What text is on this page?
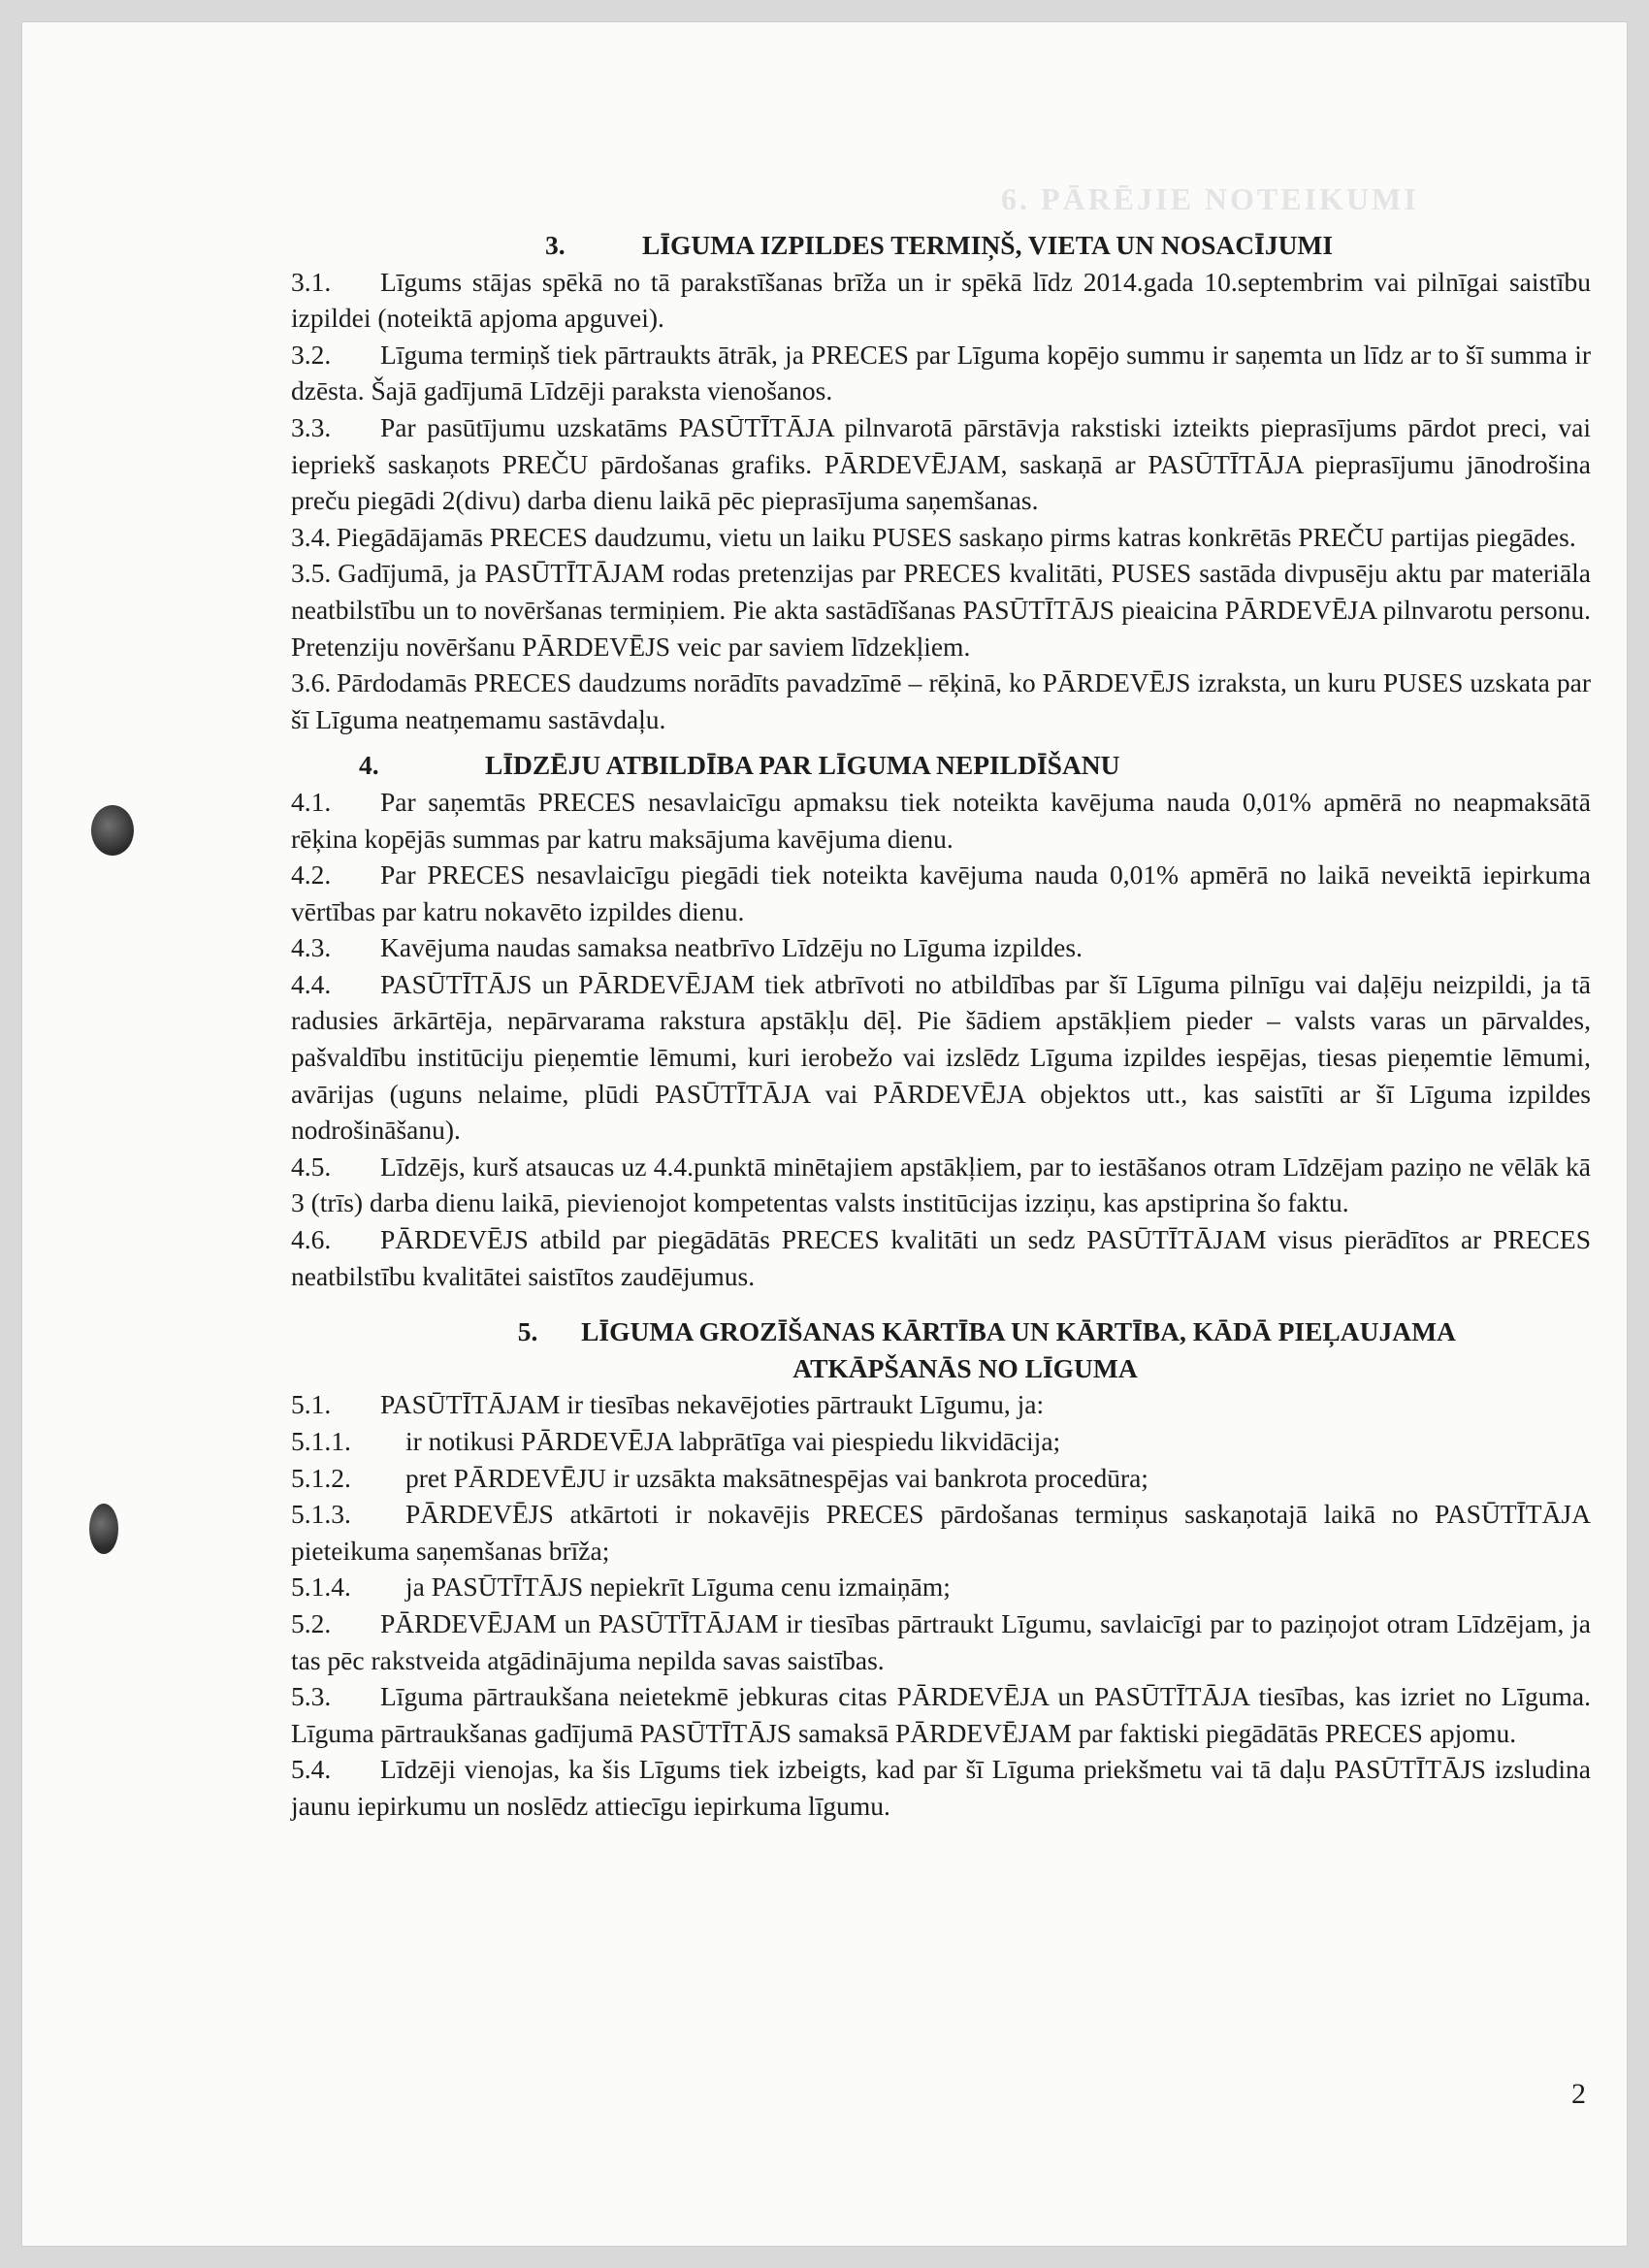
6. PĀRĒJIE NOTEIKUMI
3.	LĪGUMA IZPILDES TERMIŅŠ, VIETA UN NOSACĪJUMI

3.1. Līgums stājas spēkā no tā parakstīšanas brīža un ir spēkā līdz 2014.gada 10.septembrim vai pilnīgai saistību izpildei (noteiktā apjoma apguvei).

3.2. Līguma termiņš tiek pārtraukts ātrāk, ja PRECES par Līguma kopējo summu ir saņemta un līdz ar to šī summa ir dzēsta. Šajā gadījumā Līdzēji paraksta vienošanos.

3.3. Par pasūtījumu uzskatāms PASŪTĪTĀJA pilnvarotā pārstāvja rakstiski izteikts pieprasījums pārdot preci, vai iepriekš saskaņots PREČU pārdošanas grafiks. PĀRDEVĒJAM, saskaņā ar PASŪTĪTĀJA pieprasījumu jānodrošina preču piegādi 2(divu) darba dienu laikā pēc pieprasījuma saņemšanas.

3.4. Piegādājamās PRECES daudzumu, vietu un laiku PUSES saskaņo pirms katras konkrētās PREČU partijas piegādes.

3.5. Gadījumā, ja PASŪTĪTĀJAM rodas pretenzijas par PRECES kvalitāti, PUSES sastāda divpusēju aktu par materiāla neatbilstību un to novēršanas termiņiem. Pie akta sastādīšanas PASŪTĪTĀJS pieaicina PĀRDEVĒJA pilnvarotu personu. Pretenziju novēršanu PĀRDEVĒJS veic par saviem līdzekļiem.

3.6. Pārdodamās PRECES daudzums norādīts pavadzīmē – rēķinā, ko PĀRDEVĒJS izraksta, un kuru PUSES uzskata par šī Līguma neatņemamu sastāvdaļu.

4.	LĪDZĒJU ATBILDĪBA PAR LĪGUMA NEPILDĪŠANU

4.1. Par saņemtās PRECES nesavlaicīgu apmaksu tiek noteikta kavējuma nauda 0,01% apmērā no neapmaksātā rēķina kopējās summas par katru maksājuma kavējuma dienu.

4.2. Par PRECES nesavlaicīgu piegādi tiek noteikta kavējuma nauda 0,01% apmērā no laikā neveiktā iepirkuma vērtības par katru nokavēto izpildes dienu.

4.3. Kavējuma naudas samaksa neatbrīvo Līdzēju no Līguma izpildes.

4.4. PASŪTĪTĀJS un PĀRDEVĒJAM tiek atbrīvoti no atbildības par šī Līguma pilnīgu vai daļēju neizpildi, ja tā radusies ārkārtēja, nepārvarama rakstura apstākļu dēļ. Pie šādiem apstākļiem pieder – valsts varas un pārvaldes, pašvaldību institūciju pieņemtie lēmumi, kuri ierobežo vai izslēdz Līguma izpildes iespējas, tiesas pieņemtie lēmumi, avārijas (uguns nelaime, plūdi PASŪTĪTĀJA vai PĀRDEVĒJA objektos utt., kas saistīti ar šī Līguma izpildes nodrošināšanu).

4.5. Līdzējs, kurš atsaucas uz 4.4.punktā minētajiem apstākļiem, par to iestāšanos otram Līdzējam paziņo ne vēlāk kā 3 (trīs) darba dienu laikā, pievienojot kompetentas valsts institūcijas izziņu, kas apstiprina šo faktu.

4.6. PĀRDEVĒJS atbild par piegādātās PRECES kvalitāti un sedz PASŪTĪTĀJAM visus pierādītos ar PRECES neatbilstību kvalitātei saistītos zaudējumus.

5. LĪGUMA GROZĪŠANAS KĀRTĪBA UN KĀRTĪBA, KĀDĀ PIEĻAUJAMA
ATKĀPŠANĀS NO LĪGUMA

5.1. PASŪTĪTĀJAM ir tiesības nekavējoties pārtraukt Līgumu, ja:

5.1.1. ir notikusi PĀRDEVĒJA labprātīga vai piespiedu likvidācija;

5.1.2. pret PĀRDEVĒJU ir uzsākta maksātnespējas vai bankrota procedūra;

5.1.3. PĀRDEVĒJS atkārtoti ir nokavējis PRECES pārdošanas termiņus saskaņotajā laikā no PASŪTĪTĀJA pieteikuma saņemšanas brīža;

5.1.4. ja PASŪTĪTĀJS nepiekrīt Līguma cenu izmaiņām;

5.2. PĀRDEVĒJAM un PASŪTĪTĀJAM ir tiesības pārtraukt Līgumu, savlaicīgi par to paziņojot otram Līdzējam, ja tas pēc rakstveida atgādinājuma nepilda savas saistības.

5.3. Līguma pārtraukšana neietekmē jebkuras citas PĀRDEVĒJA un PASŪTĪTĀJA tiesības, kas izriet no Līguma. Līguma pārtraukšanas gadījumā PASŪTĪTĀJS samaksā PĀRDEVĒJAM par faktiski piegādātās PRECES apjomu.

5.4. Līdzēji vienojas, ka šis Līgums tiek izbeigts, kad par šī Līguma priekšmetu vai tā daļu PASŪTĪTĀJS izsludina jaunu iepirkumu un noslēdz attiecīgu iepirkuma līgumu.

2
